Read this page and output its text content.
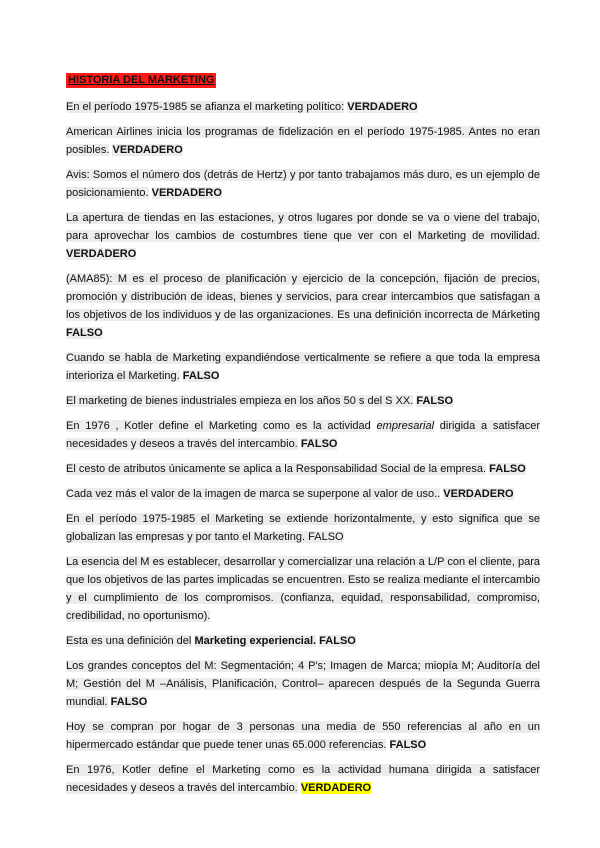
HISTORIA DEL MARKETING

En el período 1975-1985 se afianza el marketing político: VERDADERO

American Airlines inicia los programas de fidelización en el período 1975-1985. Antes no eran posibles. VERDADERO

Avis: Somos el número dos (detrás de Hertz) y por tanto trabajamos más duro, es un ejemplo de posicionamiento. VERDADERO

La apertura de tiendas en las estaciones, y otros lugares por donde se va o viene del trabajo, para aprovechar los cambios de costumbres tiene que ver con el Marketing de movilidad. VERDADERO

(AMA85): M es el proceso de planificación y ejercicio de la concepción, fijación de precios, promoción y distribución de ideas, bienes y servicios, para crear intercambios que satisfagan a los objetivos de los individuos y de las organizaciones. Es una definición incorrecta de Márketing FALSO

Cuando se habla de Marketing expandiéndose verticalmente se refiere a que toda la empresa interioriza el Marketing. FALSO

El marketing de bienes industriales empieza en los años 50 s del S XX. FALSO

En 1976 , Kotler define el Marketing como es la actividad empresarial dirigida a satisfacer necesidades y deseos a través del intercambio. FALSO

El cesto de atributos únicamente se aplica a la Responsabilidad Social de la empresa. FALSO

Cada vez más el valor de la imagen de marca se superpone al valor de uso.. VERDADERO

En el período 1975-1985 el Marketing se extiende horizontalmente, y esto significa que se globalizan las empresas y por tanto el Marketing. FALSO

La esencia del M es establecer, desarrollar y comercializar una relación a L/P con el cliente, para que los objetivos de las partes implicadas se encuentren. Esto se realiza mediante el intercambio y el cumplimiento de los compromisos. (confianza, equidad, responsabilidad, compromiso, credibilidad, no oportunismo).

Esta es una definición del Marketing experiencial. FALSO

Los grandes conceptos del M: Segmentación; 4 P's; Imagen de Marca; miopía M; Auditoría del M; Gestión del M –Análisis, Planificación, Control– aparecen después de la Segunda Guerra mundial. FALSO

Hoy se compran por hogar de 3 personas una media de 550 referencias al año en un hipermercado estándar que puede tener unas 65.000 referencias. FALSO

En 1976, Kotler define el Marketing como es la actividad humana dirigida a satisfacer necesidades y deseos a través del intercambio. VERDADERO
